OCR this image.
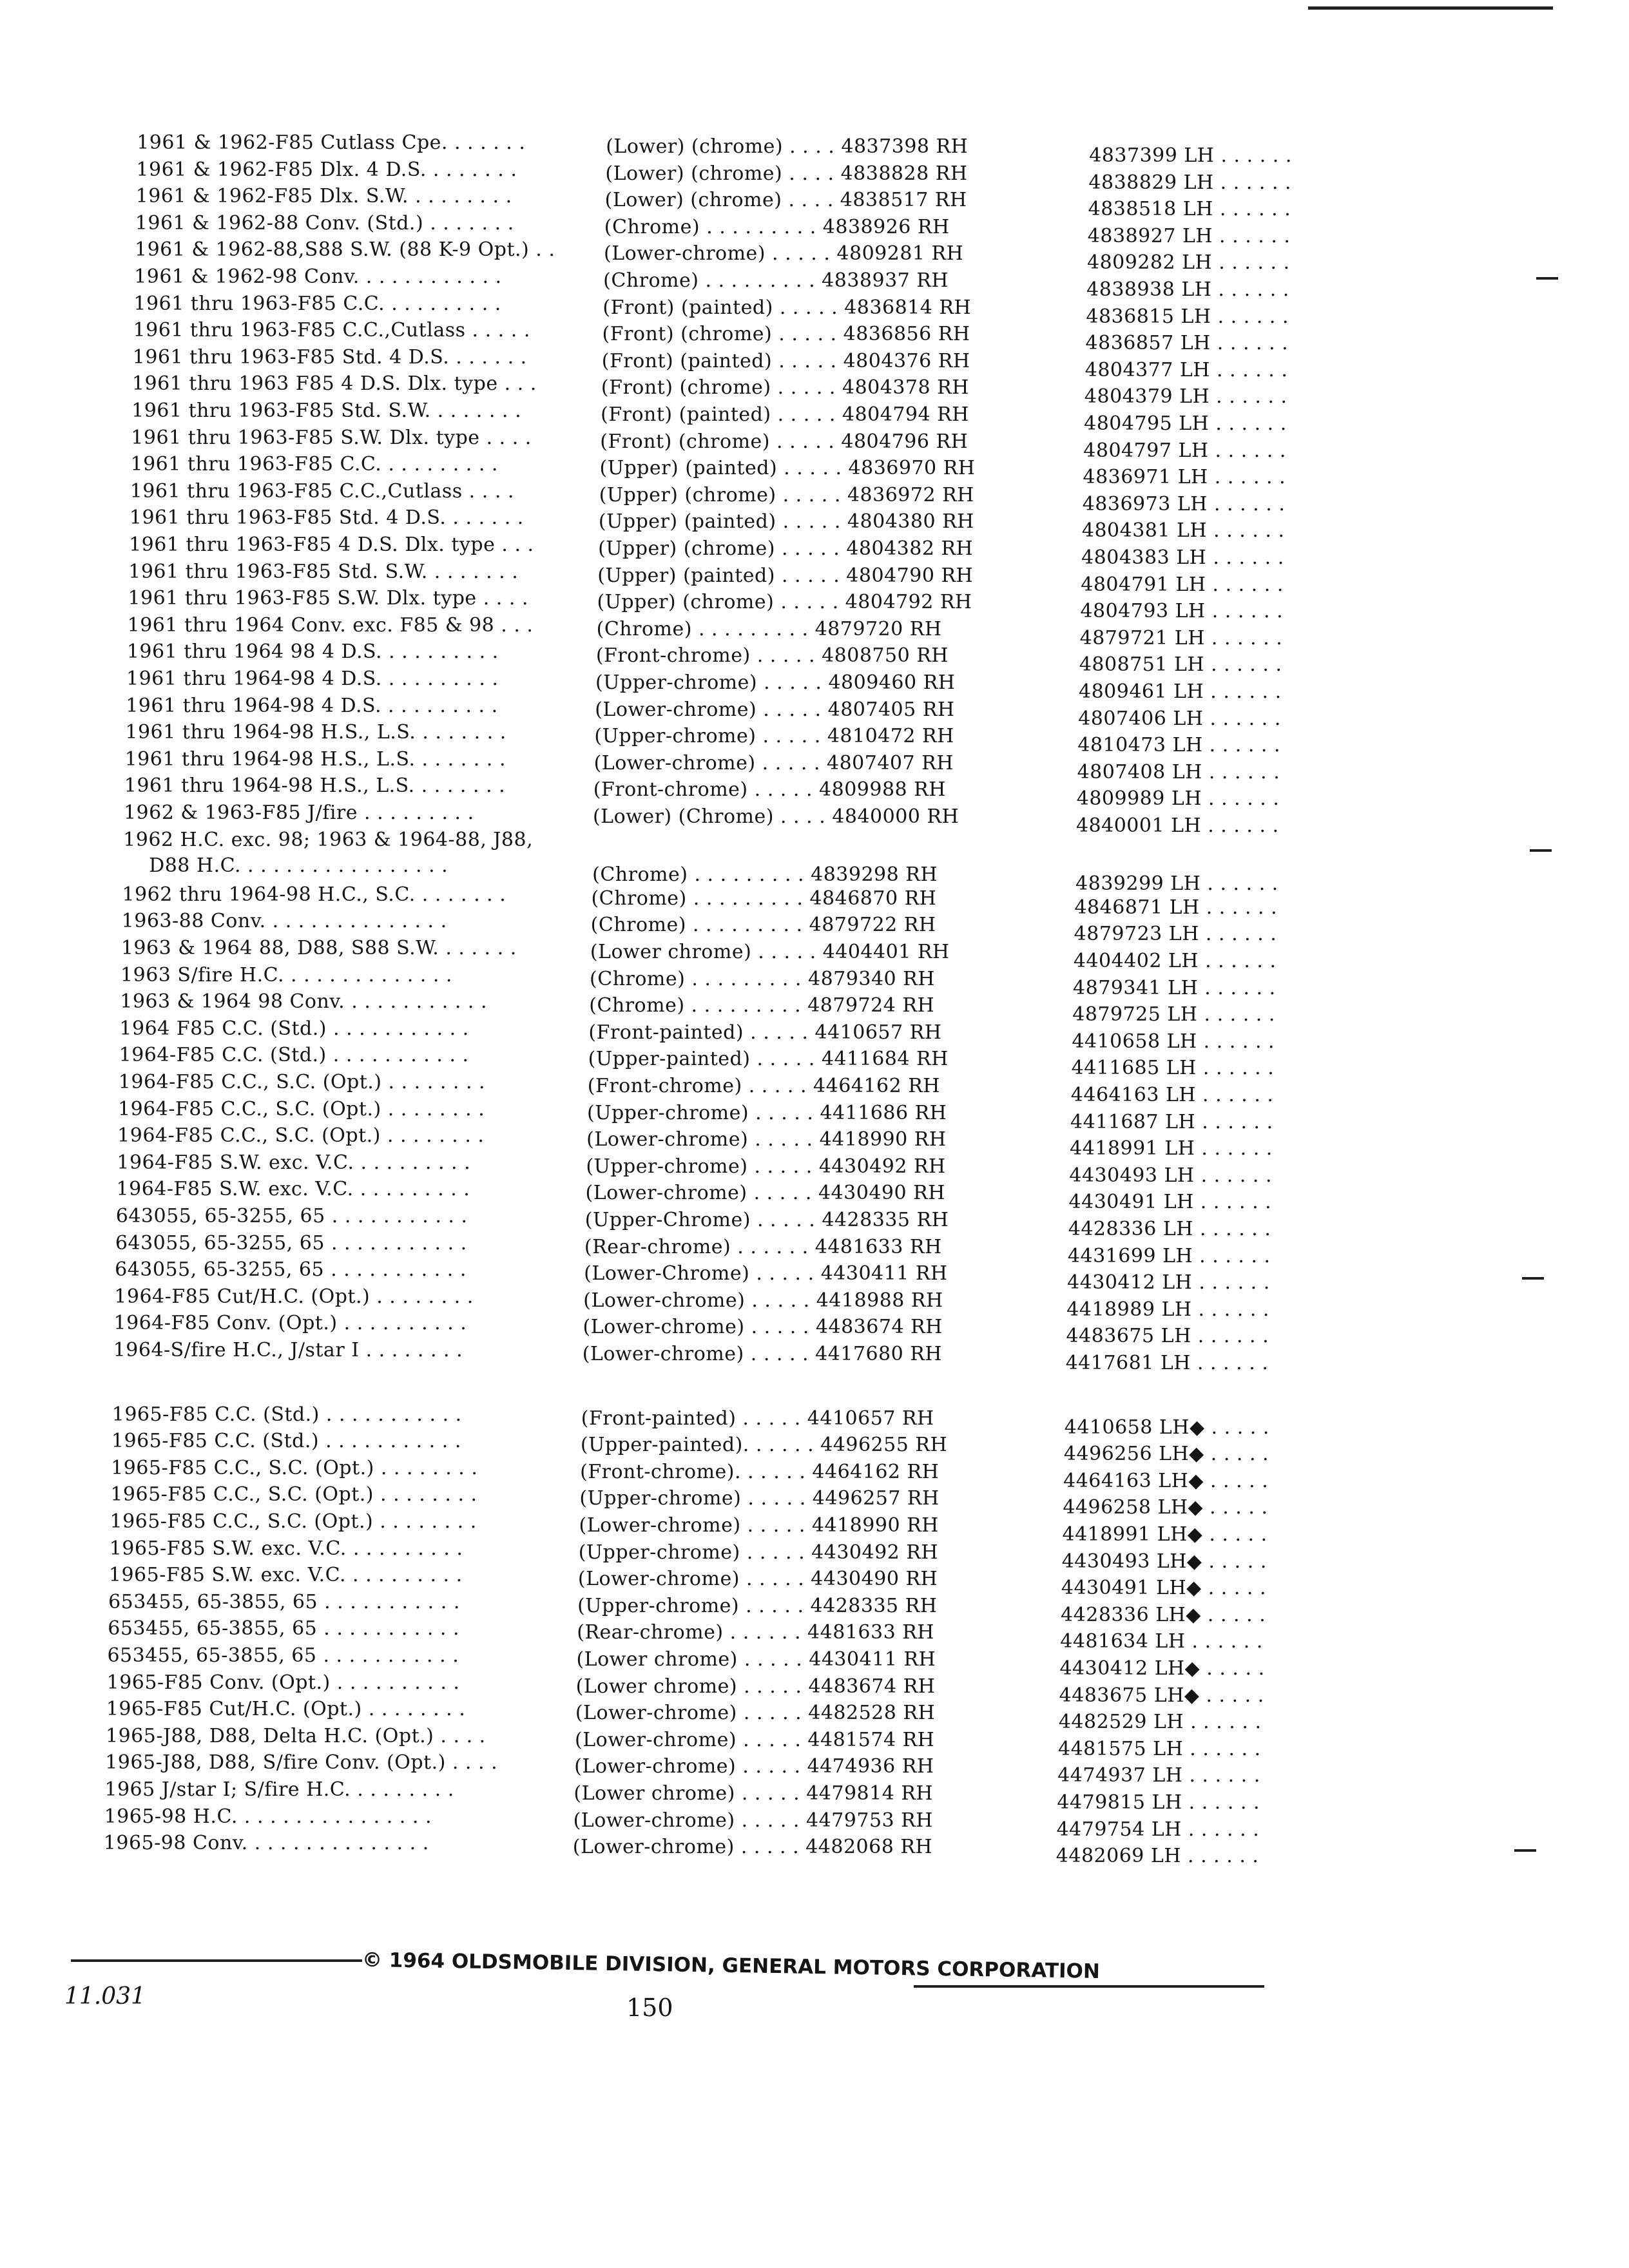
1961 & 1962-F85 Cutlass Cpe. . . . . . .	(Lower) (chrome) . . . . 4837398 RH	4837399 LH . . . . . .
1961 & 1962-F85 Dlx. 4 D.S. . . . . . . .	(Lower) (chrome) . . . . 4838828 RH	4838829 LH . . . . . .
1961 & 1962-F85 Dlx. S.W. . . . . . . . .	(Lower) (chrome) . . . . 4838517 RH	4838518 LH . . . . . .
1961 & 1962-88 Conv. (Std.) . . . . . . .	(Chrome) . . . . . . . . . 4838926 RH	4838927 LH . . . . . .
1961 & 1962-88,S88 S.W. (88 K-9 Opt.) . .	(Lower-chrome) . . . . . 4809281 RH	4809282 LH . . . . . .
1961 & 1962-98 Conv. . . . . . . . . . . .	(Chrome) . . . . . . . . . 4838937 RH	4838938 LH . . . . . .
1961 thru 1963-F85 C.C. . . . . . . . . .	(Front) (painted) . . . . . 4836814 RH	4836815 LH . . . . . .
1961 thru 1963-F85 C.C.,Cutlass . . . . .	(Front) (chrome) . . . . . 4836856 RH	4836857 LH . . . . . .
1961 thru 1963-F85 Std. 4 D.S. . . . . . .	(Front) (painted) . . . . . 4804376 RH	4804377 LH . . . . . .
1961 thru 1963 F85 4 D.S. Dlx. type . . .	(Front) (chrome) . . . . . 4804378 RH	4804379 LH . . . . . .
1961 thru 1963-F85 Std. S.W. . . . . . . .	(Front) (painted) . . . . . 4804794 RH	4804795 LH . . . . . .
1961 thru 1963-F85 S.W. Dlx. type . . . .	(Front) (chrome) . . . . . 4804796 RH	4804797 LH . . . . . .
1961 thru 1963-F85 C.C. . . . . . . . . .	(Upper) (painted) . . . . . 4836970 RH	4836971 LH . . . . . .
1961 thru 1963-F85 C.C.,Cutlass . . . .	(Upper) (chrome) . . . . . 4836972 RH	4836973 LH . . . . . .
1961 thru 1963-F85 Std. 4 D.S. . . . . . .	(Upper) (painted) . . . . . 4804380 RH	4804381 LH . . . . . .
1961 thru 1963-F85 4 D.S. Dlx. type . . .	(Upper) (chrome) . . . . . 4804382 RH	4804383 LH . . . . . .
1961 thru 1963-F85 Std. S.W. . . . . . . .	(Upper) (painted) . . . . . 4804790 RH	4804791 LH . . . . . .
1961 thru 1963-F85 S.W. Dlx. type . . . .	(Upper) (chrome) . . . . . 4804792 RH	4804793 LH . . . . . .
1961 thru 1964 Conv. exc. F85 & 98 . . .	(Chrome) . . . . . . . . . 4879720 RH	4879721 LH . . . . . .
1961 thru 1964 98 4 D.S. . . . . . . . . .	(Front-chrome) . . . . . 4808750 RH	4808751 LH . . . . . .
1961 thru 1964-98 4 D.S. . . . . . . . . .	(Upper-chrome) . . . . . 4809460 RH	4809461 LH . . . . . .
1961 thru 1964-98 4 D.S. . . . . . . . . .	(Lower-chrome) . . . . . 4807405 RH	4807406 LH . . . . . .
1961 thru 1964-98 H.S., L.S. . . . . . . .	(Upper-chrome) . . . . . 4810472 RH	4810473 LH . . . . . .
1961 thru 1964-98 H.S., L.S. . . . . . . .	(Lower-chrome) . . . . . 4807407 RH	4807408 LH . . . . . .
1961 thru 1964-98 H.S., L.S. . . . . . . .	(Front-chrome) . . . . . 4809988 RH	4809989 LH . . . . . .
1962 & 1963-F85 J/fire . . . . . . . . .	(Lower) (Chrome) . . . . 4840000 RH	4840001 LH . . . . . .
1962 H.C. exc. 98; 1963 & 1964-88, J88,
D88 H.C. . . . . . . . . . . . . . . . .	(Chrome) . . . . . . . . . 4839298 RH	4839299 LH . . . . . .
1962 thru 1964-98 H.C., S.C. . . . . . . .	(Chrome) . . . . . . . . . 4846870 RH	4846871 LH . . . . . .
1963-88 Conv. . . . . . . . . . . . . . .	(Chrome) . . . . . . . . . 4879722 RH	4879723 LH . . . . . .
1963 & 1964 88, D88, S88 S.W. . . . . . .	(Lower chrome) . . . . . 4404401 RH	4404402 LH . . . . . .
1963 S/fire H.C. . . . . . . . . . . . . .	(Chrome) . . . . . . . . . 4879340 RH	4879341 LH . . . . . .
1963 & 1964 98 Conv. . . . . . . . . . . .	(Chrome) . . . . . . . . . 4879724 RH	4879725 LH . . . . . .
1964 F85 C.C. (Std.) . . . . . . . . . . .	(Front-painted) . . . . . 4410657 RH	4410658 LH . . . . . .
1964-F85 C.C. (Std.) . . . . . . . . . . .	(Upper-painted) . . . . . 4411684 RH	4411685 LH . . . . . .
1964-F85 C.C., S.C. (Opt.) . . . . . . . .	(Front-chrome) . . . . . 4464162 RH	4464163 LH . . . . . .
1964-F85 C.C., S.C. (Opt.) . . . . . . . .	(Upper-chrome) . . . . . 4411686 RH	4411687 LH . . . . . .
1964-F85 C.C., S.C. (Opt.) . . . . . . . .	(Lower-chrome) . . . . . 4418990 RH	4418991 LH . . . . . .
1964-F85 S.W. exc. V.C. . . . . . . . . .	(Upper-chrome) . . . . . 4430492 RH	4430493 LH . . . . . .
1964-F85 S.W. exc. V.C. . . . . . . . . .	(Lower-chrome) . . . . . 4430490 RH	4430491 LH . . . . . .
643055, 65-3255, 65 . . . . . . . . . . .	(Upper-Chrome) . . . . . 4428335 RH	4428336 LH . . . . . .
643055, 65-3255, 65 . . . . . . . . . . .	(Rear-chrome) . . . . . . 4481633 RH	4431699 LH . . . . . .
643055, 65-3255, 65 . . . . . . . . . . .	(Lower-Chrome) . . . . . 4430411 RH	4430412 LH . . . . . .
1964-F85 Cut/H.C. (Opt.) . . . . . . . .	(Lower-chrome) . . . . . 4418988 RH	4418989 LH . . . . . .
1964-F85 Conv. (Opt.) . . . . . . . . . .	(Lower-chrome) . . . . . 4483674 RH	4483675 LH . . . . . .
1964-S/fire H.C., J/star I . . . . . . . .	(Lower-chrome) . . . . . 4417680 RH	4417681 LH . . . . . .
1965-F85 C.C. (Std.) . . . . . . . . . . .	(Front-painted) . . . . . 4410657 RH	4410658 LH◆ . . . . .
1965-F85 C.C. (Std.) . . . . . . . . . . .	(Upper-painted). . . . . . 4496255 RH	4496256 LH◆ . . . . .
1965-F85 C.C., S.C. (Opt.) . . . . . . . .	(Front-chrome). . . . . . 4464162 RH	4464163 LH◆ . . . . .
1965-F85 C.C., S.C. (Opt.) . . . . . . . .	(Upper-chrome) . . . . . 4496257 RH	4496258 LH◆ . . . . .
1965-F85 C.C., S.C. (Opt.) . . . . . . . .	(Lower-chrome) . . . . . 4418990 RH	4418991 LH◆ . . . . .
1965-F85 S.W. exc. V.C. . . . . . . . . .	(Upper-chrome) . . . . . 4430492 RH	4430493 LH◆ . . . . .
1965-F85 S.W. exc. V.C. . . . . . . . . .	(Lower-chrome) . . . . . 4430490 RH	4430491 LH◆ . . . . .
653455, 65-3855, 65 . . . . . . . . . . .	(Upper-chrome) . . . . . 4428335 RH	4428336 LH◆ . . . . .
653455, 65-3855, 65 . . . . . . . . . . .	(Rear-chrome) . . . . . . 4481633 RH	4481634 LH . . . . . .
653455, 65-3855, 65 . . . . . . . . . . .	(Lower chrome) . . . . . 4430411 RH	4430412 LH◆ . . . . .
1965-F85 Conv. (Opt.) . . . . . . . . . .	(Lower chrome) . . . . . 4483674 RH	4483675 LH◆ . . . . .
1965-F85 Cut/H.C. (Opt.) . . . . . . . .	(Lower-chrome) . . . . . 4482528 RH	4482529 LH . . . . . .
1965-J88, D88, Delta H.C. (Opt.) . . . .	(Lower-chrome) . . . . . 4481574 RH	4481575 LH . . . . . .
1965-J88, D88, S/fire Conv. (Opt.) . . . .	(Lower-chrome) . . . . . 4474936 RH	4474937 LH . . . . . .
1965 J/star I; S/fire H.C. . . . . . . . .	(Lower chrome) . . . . . 4479814 RH	4479815 LH . . . . . .
1965-98 H.C. . . . . . . . . . . . . . . .	(Lower-chrome) . . . . . 4479753 RH	4479754 LH . . . . . .
1965-98 Conv. . . . . . . . . . . . . . .	(Lower-chrome) . . . . . 4482068 RH	4482069 LH . . . . . .
© 1964 OLDSMOBILE DIVISION, GENERAL MOTORS CORPORATION
11.031	150
